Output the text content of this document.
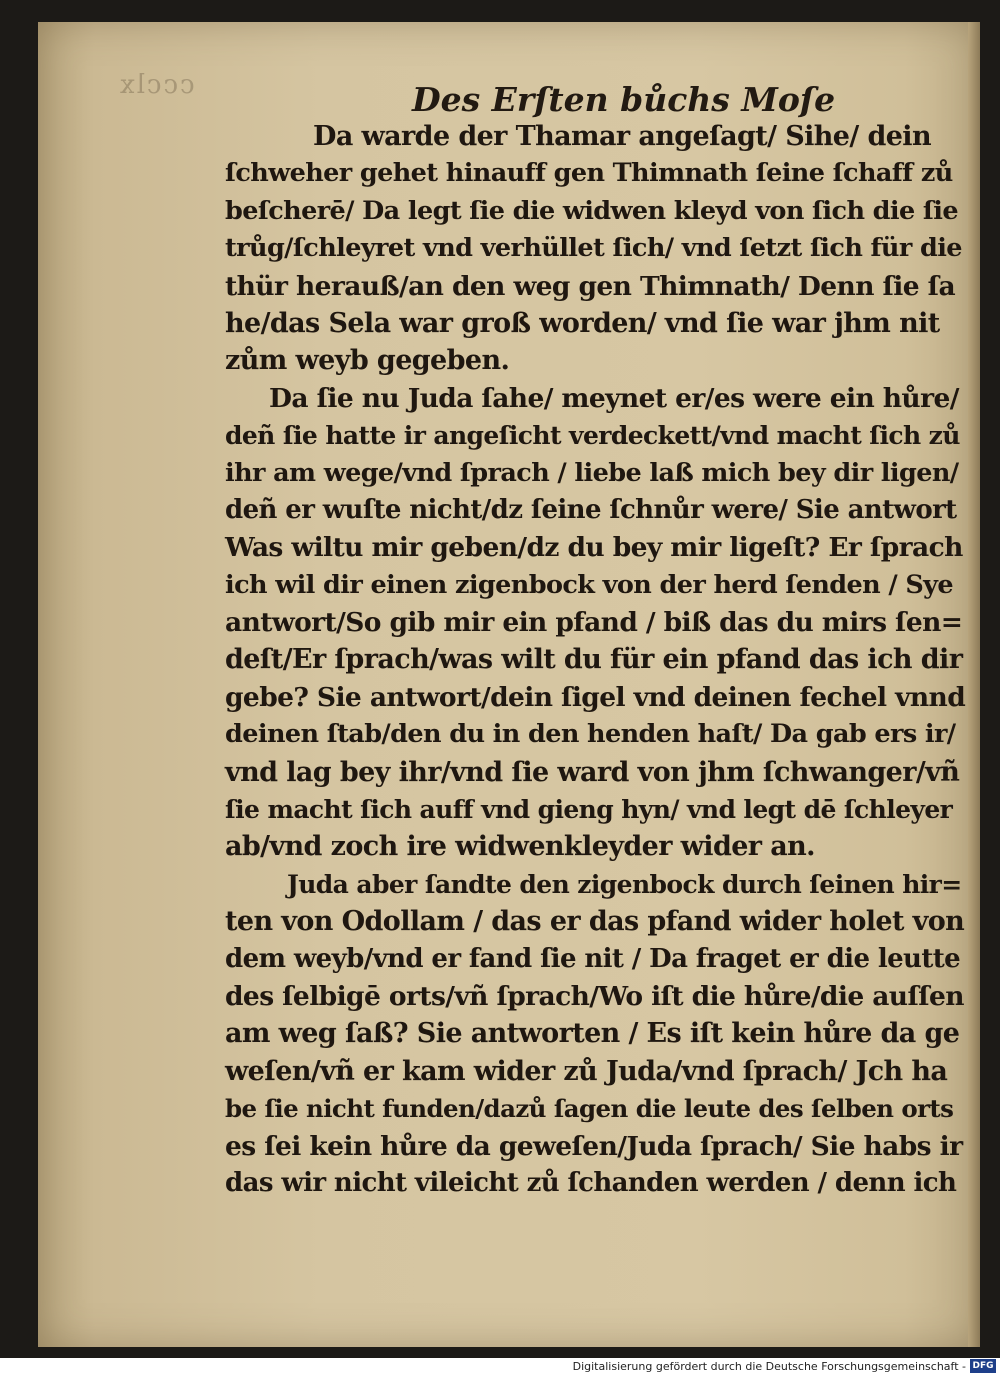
ccclx	Des Erſten bůchs Moſe
Da warde der Thamar angeſagt/ Sihe/ dein
ſchweher gehet hinauff gen Thimnath ſeine ſchaff zů
beſcherē/ Da legt ſie die widwen kleyd von ſich die ſie
trůg/ſchleyret vnd verhüllet ſich/ vnd ſetzt ſich für die
thür herauß/an den weg gen Thimnath/ Denn ſie ſa
he/das Sela war groß worden/ vnd ſie war jhm nit
zům weyb gegeben.
Da ſie nu Juda ſahe/ meynet er/es were ein hůre/
deñ ſie hatte ir angeſicht verdeckett/vnd macht ſich zů
ihr am wege/vnd ſprach / liebe laß mich bey dir ligen/
deñ er wuſte nicht/dz ſeine ſchnůr were/ Sie antwort
Was wiltu mir geben/dz du bey mir ligeſt? Er ſprach
ich wil dir einen zigenbock von der herd ſenden / Sye
antwort/So gib mir ein pfand / biß das du mirs ſen=
deſt/Er ſprach/was wilt du für ein pfand das ich dir
gebe? Sie antwort/dein ſigel vnd deinen fechel vnnd
deinen ſtab/den du in den henden haſt/ Da gab ers ir/
vnd lag bey ihr/vnd ſie ward von jhm ſchwanger/vñ
ſie macht ſich auff vnd gieng hyn/ vnd legt dē ſchleyer
ab/vnd zoch ire widwenkleyder wider an.
Juda aber ſandte den zigenbock durch ſeinen hir=
ten von Odollam / das er das pfand wider holet von
dem weyb/vnd er fand ſie nit / Da fraget er die leutte
des ſelbigē orts/vñ ſprach/Wo iſt die hůre/die auſſen
am weg ſaß? Sie antworten / Es iſt kein hůre da ge
weſen/vñ er kam wider zů Juda/vnd ſprach/ Jch ha
be ſie nicht funden/dazů ſagen die leute des ſelben orts
es ſei kein hůre da geweſen/Juda ſprach/ Sie habs ir
das wir nicht vileicht zů ſchanden werden / denn ich
Digitalisierung gefördert durch die Deutsche Forschungsgemeinschaft - DFG
